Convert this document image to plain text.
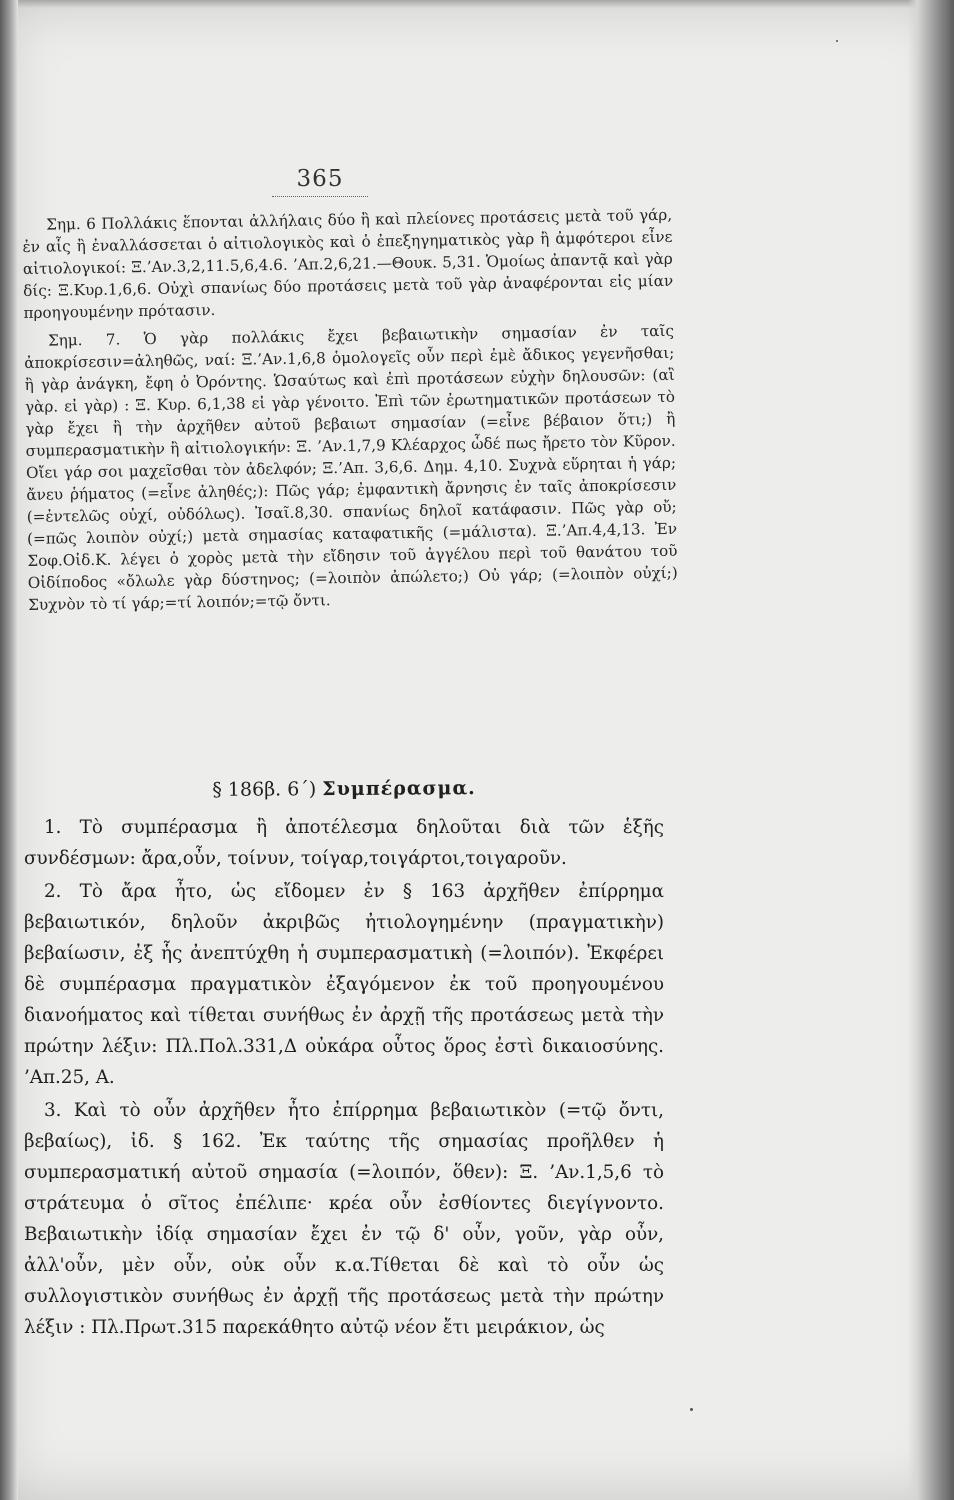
365

Σημ. 6 Πολλάκις ἕπονται ἀλλήλαις δύο ἢ καὶ πλείονες προτάσεις μετὰ τοῦ γάρ, ἐν αἷς ἢ ἐναλλάσσεται ὁ αἰτιολογικὸς καὶ ὁ ἐπεξηγηματικὸς γὰρ ἢ ἀμφότεροι εἶνε αἰτιολογικοί: Ξ.’Αν.3,2,11.5,6,4.6. ’Απ.2,6,21.—Θουκ. 5,31. Ὁμοίως ἀπαντᾷ καὶ γὰρ δίς: Ξ.Κυρ.1,6,6. Οὐχὶ σπανίως δύο προτάσεις μετὰ τοῦ γὰρ ἀναφέρονται εἰς μίαν προηγουμένην πρότασιν.

Σημ. 7. Ὁ γὰρ πολλάκις ἔχει βεβαιωτικὴν σημασίαν ἐν ταῖς ἀποκρίσεσιν=ἀληθῶς, ναί: Ξ.’Αν.1,6,8 ὁμολογεῖς οὖν περὶ ἐμὲ ἄδικος γεγενῆσθαι; ἢ γὰρ ἀνάγκη, ἔφη ὁ Ὀρόντης. Ὡσαύτως καὶ ἐπὶ προτάσεων εὐχὴν δηλουσῶν: (αἲ γὰρ. εἰ γὰρ) : Ξ. Κυρ. 6,1,38 εἰ γὰρ γένοιτο. Ἐπὶ τῶν ἐρωτηματικῶν προτάσεων τὸ γὰρ ἔχει ἢ τὴν ἀρχῆθεν αὐτοῦ βεβαιωτ σημασίαν (=εἶνε βέβαιον ὅτι;) ἢ συμπερασματικὴν ἢ αἰτιολογικήν: Ξ. ’Αν.1,7,9 Κλέαρχος ὧδέ πως ἤρετο τὸν Κῦρον. Οἴει γάρ σοι μαχεῖσθαι τὸν ἀδελφόν; Ξ.’Απ. 3,6,6. Δημ. 4,10. Συχνὰ εὕρηται ἡ γάρ; ἄνευ ῥήματος (=εἶνε ἀληθές;): Πῶς γάρ; ἐμφαντικὴ ἄρνησις ἐν ταῖς ἀποκρίσεσιν (=ἐντελῶς οὐχί, οὐδόλως). Ἰσαῖ.8,30. σπανίως δηλοῖ κατάφασιν. Πῶς γὰρ οὔ; (=πῶς λοιπὸν οὐχί;) μετὰ σημασίας καταφατικῆς (=μάλιστα). Ξ.’Απ.4,4,13. Ἐν Σοφ.Οἰδ.Κ. λέγει ὁ χορὸς μετὰ τὴν εἴδησιν τοῦ ἀγγέλου περὶ τοῦ θανάτου τοῦ Οἰδίποδος «ὄλωλε γὰρ δύστηνος; (=λοιπὸν ἀπώλετο;) Οὐ γάρ; (=λοιπὸν οὐχί;) Συχνὸν τὸ τί γάρ;=τί λοιπόν;=τῷ ὄντι.

§ 186β. 6΄) Συμπέρασμα.

1. Τὸ συμπέρασμα ἢ ἀποτέλεσμα δηλοῦται διὰ τῶν ἑξῆς συνδέσμων: ἄρα,οὖν, τοίνυν, τοίγαρ,τοιγάρτοι,τοιγαροῦν.

2. Τὸ ἄρα ἦτο, ὡς εἴδομεν ἐν § 163 ἀρχῆθεν ἐπίρρημα βεβαιωτικόν, δηλοῦν ἀκριβῶς ἠτιολογημένην (πραγματικὴν) βεβαίωσιν, ἐξ ἧς ἀνεπτύχθη ἡ συμπερασματικὴ (=λοιπόν). Ἐκφέρει δὲ συμπέρασμα πραγματικὸν ἐξαγόμενον ἐκ τοῦ προηγουμένου διανοήματος καὶ τίθεται συνήθως ἐν ἀρχῇ τῆς προτάσεως μετὰ τὴν πρώτην λέξιν: Πλ.Πολ.331,Δ οὐκάρα οὗτος ὅρος ἐστὶ δικαιοσύνης. ’Απ.25, Α.

3. Καὶ τὸ οὖν ἀρχῆθεν ἦτο ἐπίρρημα βεβαιωτικὸν (=τῷ ὄντι, βεβαίως), ἰδ. § 162. Ἐκ ταύτης τῆς σημασίας προῆλθεν ἡ συμπερασματική αὐτοῦ σημασία (=λοιπόν, ὅθεν): Ξ. ’Αν.1,5,6 τὸ στράτευμα ὁ σῖτος ἐπέλιπε· κρέα οὖν ἐσθίοντες διεγίγνοντο. Βεβαιωτικὴν ἰδίᾳ σημασίαν ἔχει ἐν τῷ δ' οὖν, γοῦν, γὰρ οὖν, ἀλλ'οὖν, μὲν οὖν, οὐκ οὖν κ.α.Τίθεται δὲ καὶ τὸ οὖν ὡς συλλογιστικὸν συνήθως ἐν ἀρχῇ τῆς προτάσεως μετὰ τὴν πρώτην λέξιν : Πλ.Πρωτ.315 παρεκάθητο αὐτῷ νέον ἔτι μειράκιον, ὡς
